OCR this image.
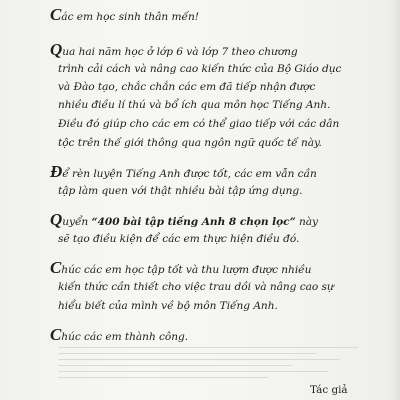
Các em học sinh thân mến!

Qua hai năm học ở lớp 6 và lớp 7 theo chương

trình cải cách và nâng cao kiến thức của Bộ Giáo dục

và Đào tạo, chắc chắn các em đã tiếp nhận được

nhiều điều lí thú và bổ ích qua môn học Tiếng Anh.

Điều đó giúp cho các em có thể giao tiếp với các dân

tộc trên thế giới thông qua ngôn ngữ quốc tế này.

Để rèn luyện Tiếng Anh được tốt, các em vẫn cần

tập làm quen với thật nhiều bài tập ứng dụng.

Quyển “400 bài tập tiếng Anh 8 chọn lọc” này

sẽ tạo điều kiện để các em thực hiện điều đó.

Chúc các em học tập tốt và thu lượm được nhiều

kiến thức cần thiết cho việc trau dồi và nâng cao sự

hiểu biết của mình về bộ môn Tiếng Anh.

Chúc các em thành công.

Tác giả
